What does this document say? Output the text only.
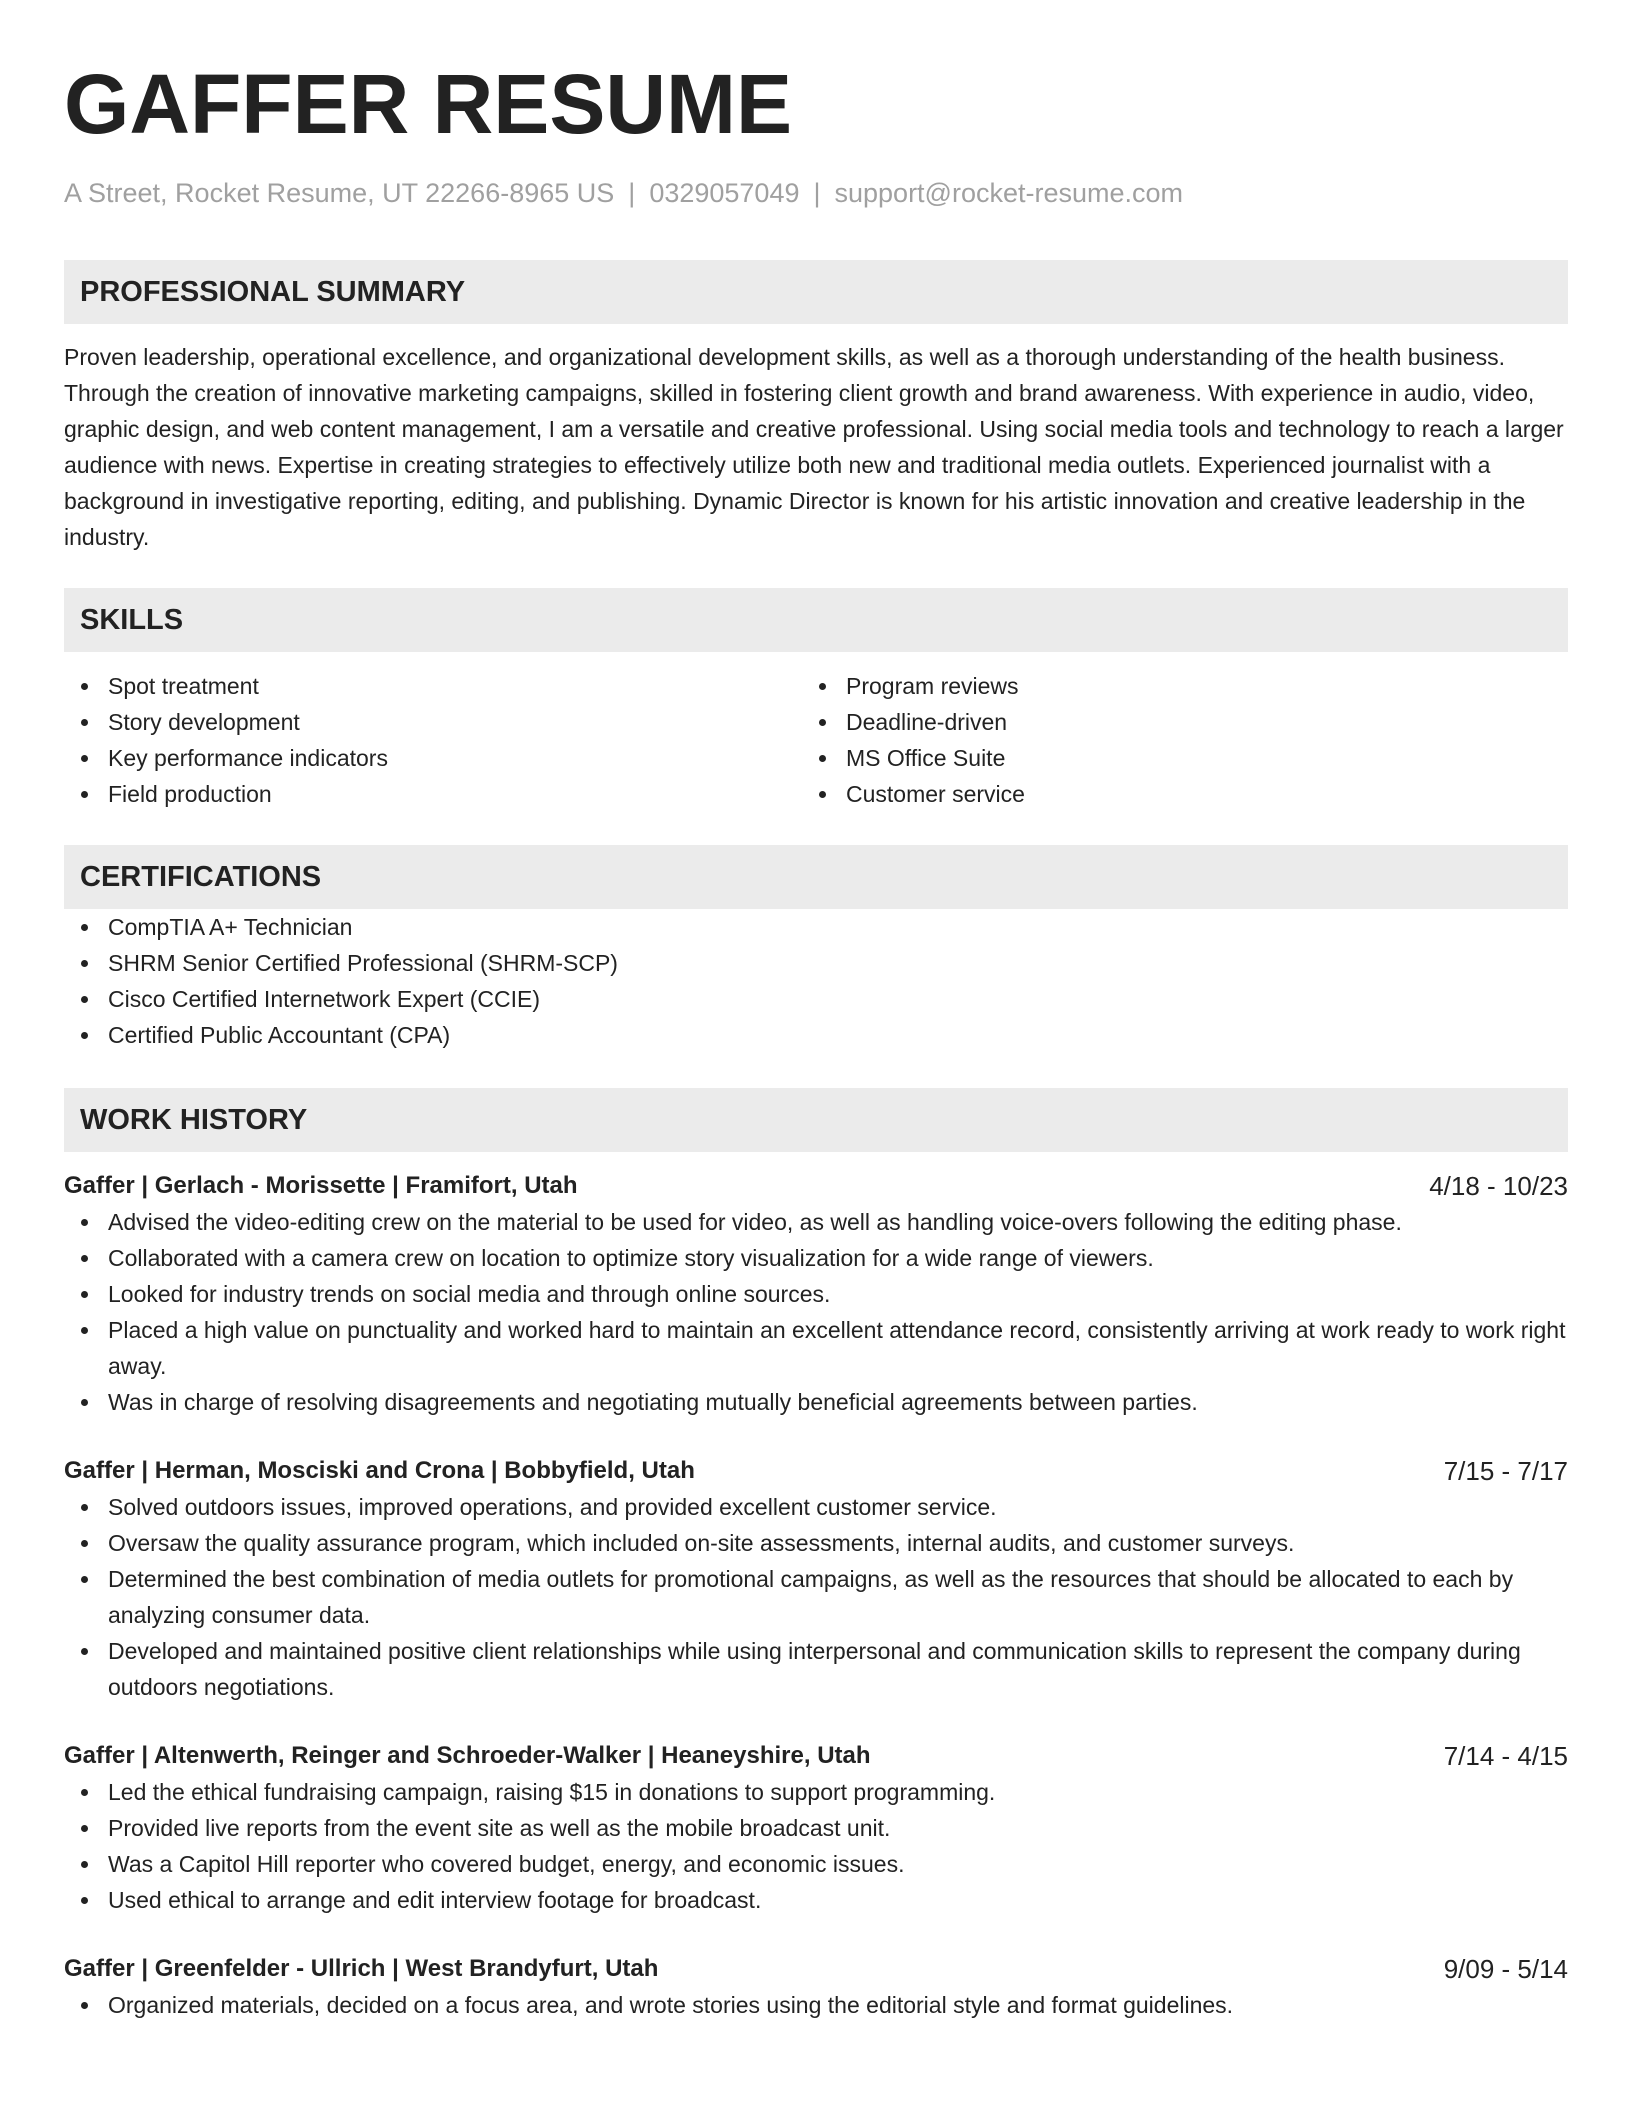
GAFFER RESUME
A Street, Rocket Resume, UT 22266-8965 US | 0329057049 | support@rocket-resume.com
PROFESSIONAL SUMMARY

Proven leadership, operational excellence, and organizational development skills, as well as a thorough understanding of the health business. Through the creation of innovative marketing campaigns, skilled in fostering client growth and brand awareness. With experience in audio, video, graphic design, and web content management, I am a versatile and creative professional. Using social media tools and technology to reach a larger audience with news. Expertise in creating strategies to effectively utilize both new and traditional media outlets. Experienced journalist with a background in investigative reporting, editing, and publishing. Dynamic Director is known for his artistic innovation and creative leadership in the industry.

SKILLS
Spot treatment
Story development
Key performance indicators
Field production
Program reviews
Deadline-driven
MS Office Suite
Customer service
CERTIFICATIONS
CompTIA A+ Technician
SHRM Senior Certified Professional (SHRM-SCP)
Cisco Certified Internetwork Expert (CCIE)
Certified Public Accountant (CPA)
WORK HISTORY
Gaffer | Gerlach - Morissette | Framifort, Utah	4/18 - 10/23
Advised the video-editing crew on the material to be used for video, as well as handling voice-overs following the editing phase.
Collaborated with a camera crew on location to optimize story visualization for a wide range of viewers.
Looked for industry trends on social media and through online sources.
Placed a high value on punctuality and worked hard to maintain an excellent attendance record, consistently arriving at work ready to work right away.
Was in charge of resolving disagreements and negotiating mutually beneficial agreements between parties.
Gaffer | Herman, Mosciski and Crona | Bobbyfield, Utah	7/15 - 7/17
Solved outdoors issues, improved operations, and provided excellent customer service.
Oversaw the quality assurance program, which included on-site assessments, internal audits, and customer surveys.
Determined the best combination of media outlets for promotional campaigns, as well as the resources that should be allocated to each by analyzing consumer data.
Developed and maintained positive client relationships while using interpersonal and communication skills to represent the company during outdoors negotiations.
Gaffer | Altenwerth, Reinger and Schroeder-Walker | Heaneyshire, Utah	7/14 - 4/15
Led the ethical fundraising campaign, raising $15 in donations to support programming.
Provided live reports from the event site as well as the mobile broadcast unit.
Was a Capitol Hill reporter who covered budget, energy, and economic issues.
Used ethical to arrange and edit interview footage for broadcast.
Gaffer | Greenfelder - Ullrich | West Brandyfurt, Utah	9/09 - 5/14
Organized materials, decided on a focus area, and wrote stories using the editorial style and format guidelines.
